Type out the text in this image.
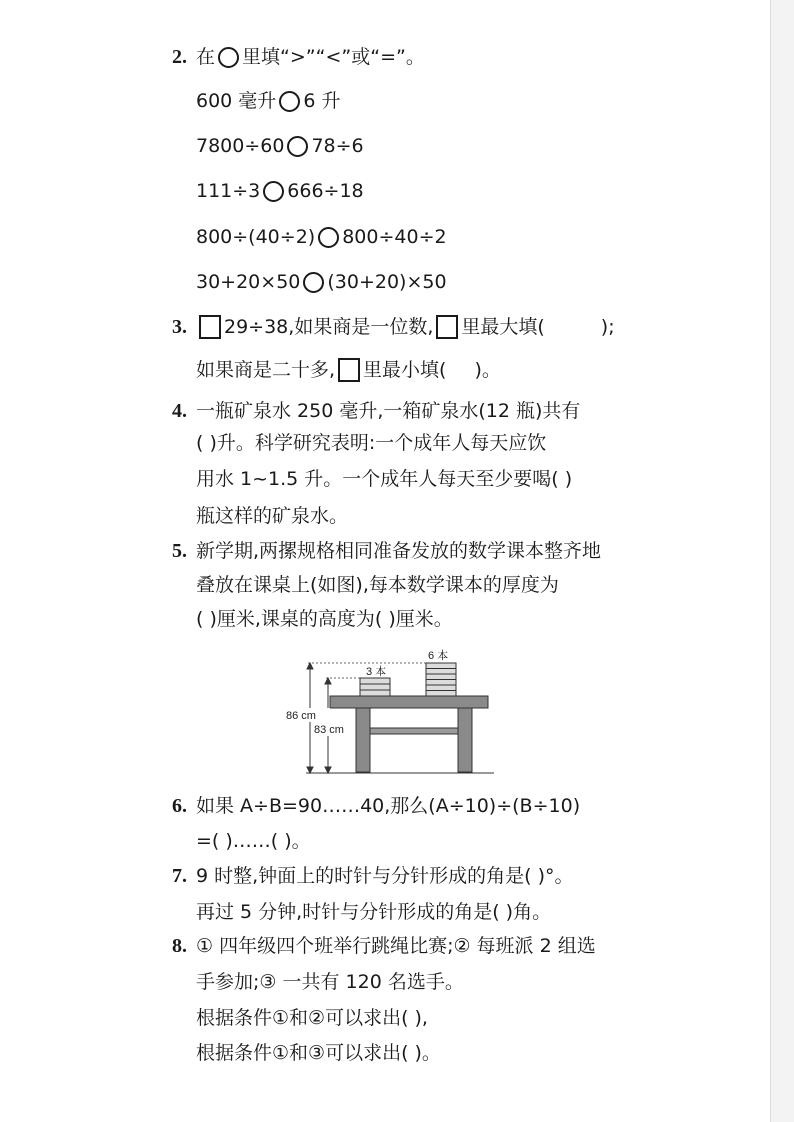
2. 在 里填“>”“<”或“=”。
600 毫升 6 升
7800÷60 78÷6
111÷3 666÷18
800÷(40÷2) 800÷40÷2
30+20×50 (30+20)×50
3.	29÷38,如果商是一位数, 里最大填(	);
如果商是二十多, 里最小填( )。
4. 一瓶矿泉水 250 毫升,一箱矿泉水(12 瓶)共有
( )升。科学研究表明:一个成年人每天应饮
用水 1~1.5 升。一个成年人每天至少要喝( )
瓶这样的矿泉水。
5. 新学期,两摞规格相同准备发放的数学课本整齐地
叠放在课桌上(如图),每本数学课本的厚度为
( )厘米,课桌的高度为( )厘米。
86 cm
83 cm
3 本
6 本
6. 如果 A÷B=90……40,那么(A÷10)÷(B÷10)
=( )……( )。
7. 9 时整,钟面上的时针与分针形成的角是( )°。
再过 5 分钟,时针与分针形成的角是( )角。
8. ① 四年级四个班举行跳绳比赛;② 每班派 2 组选
手参加;③ 一共有 120 名选手。
根据条件①和②可以求出( ),
根据条件①和③可以求出( )。
